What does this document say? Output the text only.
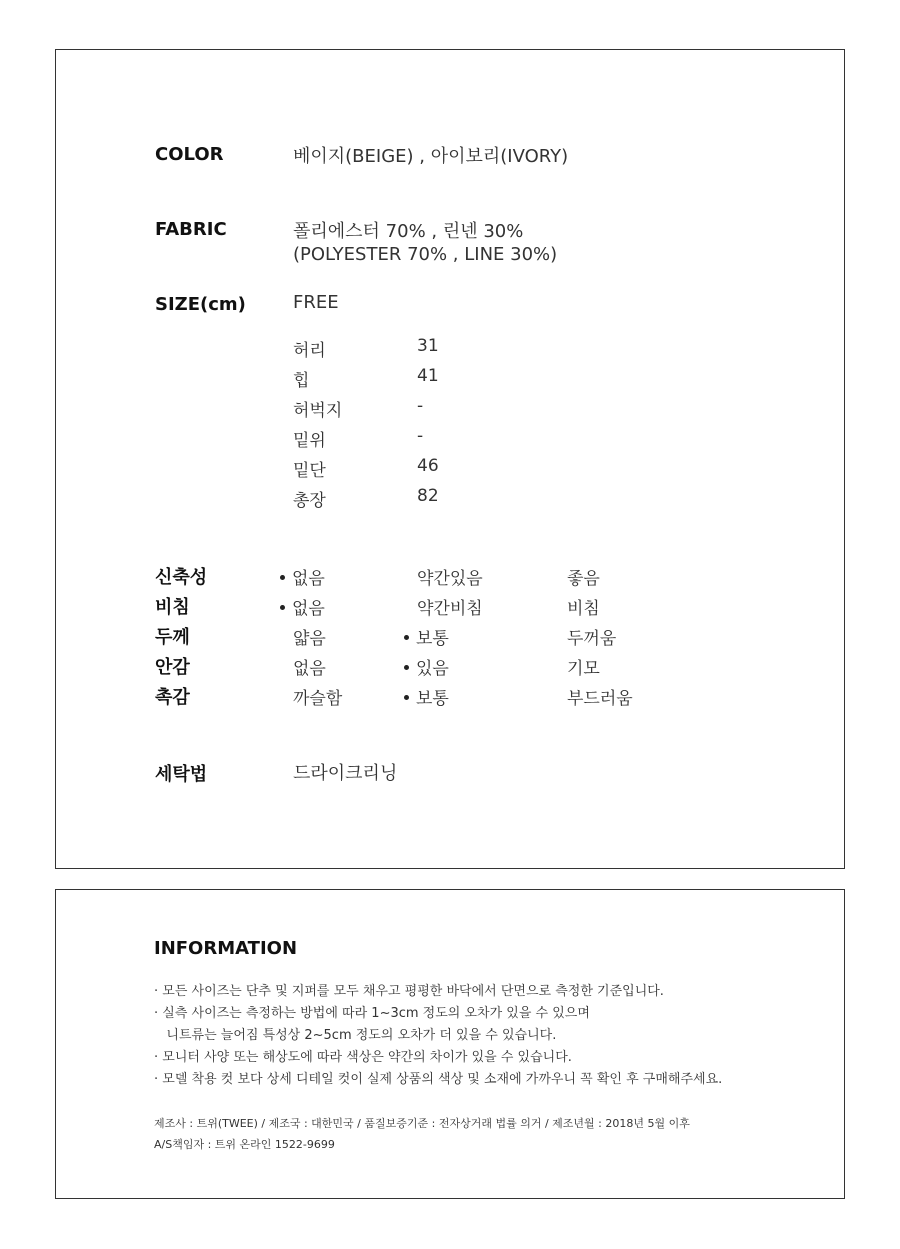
COLOR	베이지(BEIGE) , 아이보리(IVORY)
FABRIC	폴리에스터 70% , 린넨 30%
(POLYESTER 70% , LINE 30%)
SIZE(cm)	FREE
허리	31
힙	41
허벅지	-
밑위	-
밑단	46
총장	82
신축성	없음	약간있음	좋음
비침	없음	약간비침	비침
두께	얇음	보통	두꺼움
안감	없음	있음	기모
촉감	까슬함	보통	부드러움
세탁법	드라이크리닝
INFORMATION
· 모든 사이즈는 단추 및 지퍼를 모두 채우고 평평한 바닥에서 단면으로 측정한 기준입니다.
· 실측 사이즈는 측정하는 방법에 따라 1~3cm 정도의 오차가 있을 수 있으며
니트류는 늘어짐 특성상 2~5cm 정도의 오차가 더 있을 수 있습니다.
· 모니터 사양 또는 해상도에 따라 색상은 약간의 차이가 있을 수 있습니다.
· 모델 착용 컷 보다 상세 디테일 컷이 실제 상품의 색상 및 소재에 가까우니 꼭 확인 후 구매해주세요.
제조사 : 트위(TWEE) / 제조국 : 대한민국 / 품질보증기준 : 전자상거래 법률 의거 / 제조년월 : 2018년 5월 이후
A/S책임자 : 트위 온라인 1522-9699
